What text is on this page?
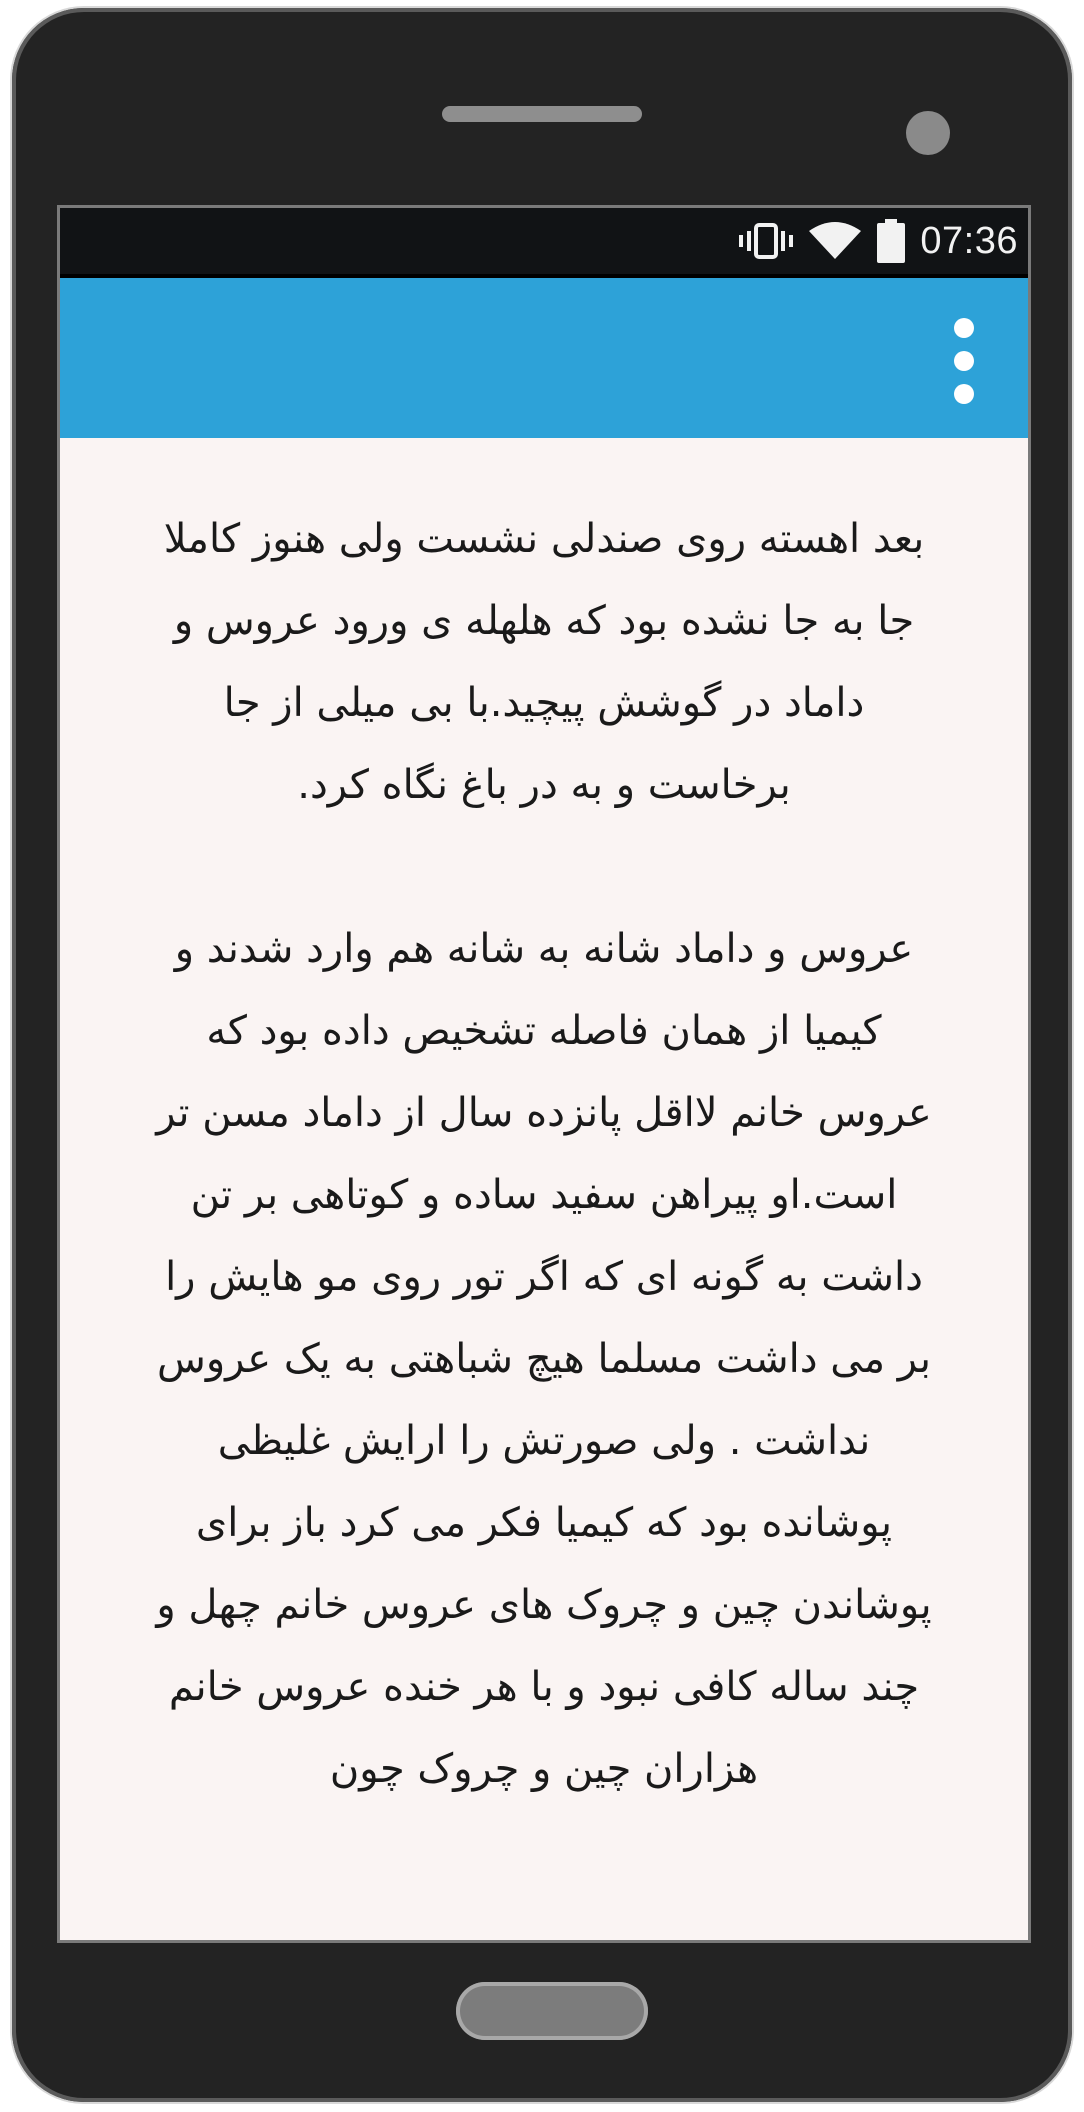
07:36

بعد اهسته روی صندلی نشست ولی هنوز کاملا جا به جا نشده بود که هلهله ی ورود عروس و داماد در گوشش پیچید.با بی میلی از جا برخاست و به در باغ نگاه کرد.

عروس و داماد شانه به شانه هم وارد شدند و کیمیا از همان فاصله تشخیص داده بود که عروس خانم لااقل پانزده سال از داماد مسن تر است.او پیراهن سفید ساده و کوتاهی بر تن داشت به گونه ای که اگر تور روی مو هایش را بر می داشت مسلما هیچ شباهتی به یک عروس نداشت . ولی صورتش را ارایش غلیظی پوشانده بود که کیمیا فکر می کرد باز برای پوشاندن چین و چروک های عروس خانم چهل و چند ساله کافی نبود و با هر خنده عروس خانم هزاران چین و چروک چون
